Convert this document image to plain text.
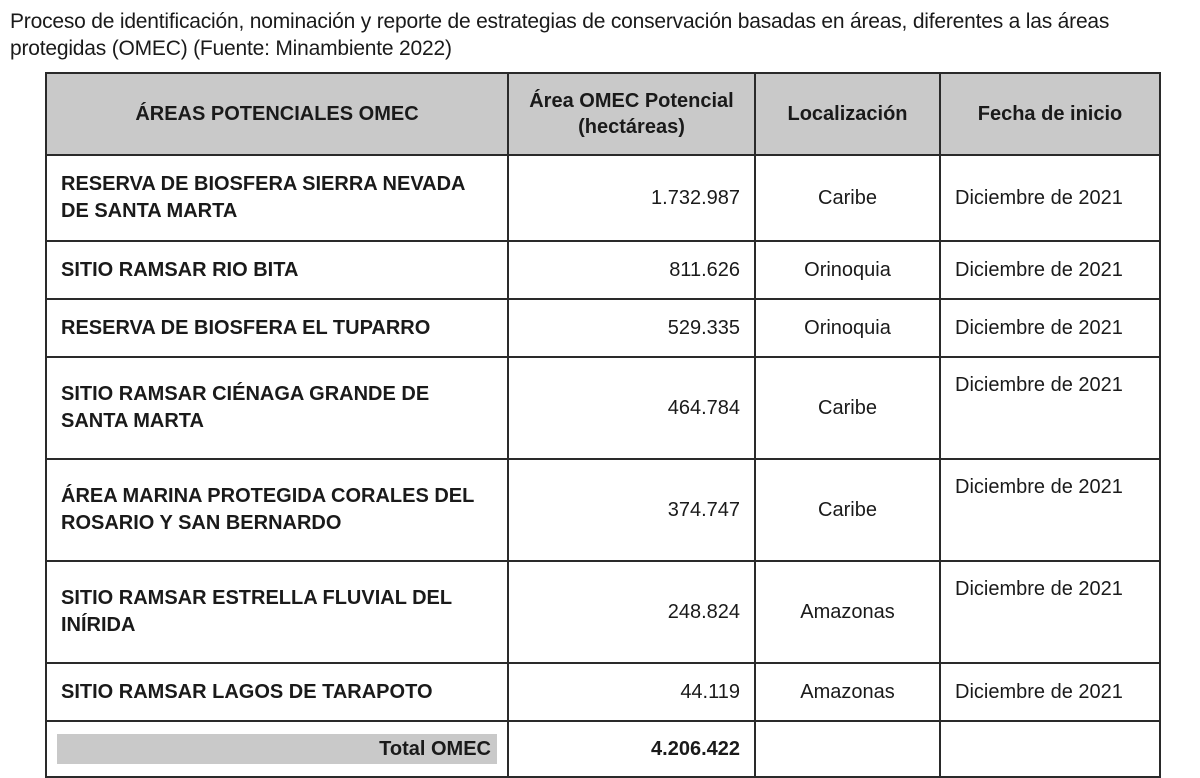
Proceso de identificación, nominación y reporte de estrategias de conservación basadas en áreas, diferentes a las áreas protegidas (OMEC) (Fuente: Minambiente 2022)
ÁREAS POTENCIALES OMEC	Área OMEC Potencial (hectáreas)	Localización	Fecha de inicio
RESERVA DE BIOSFERA SIERRA NEVADA DE SANTA MARTA	1.732.987	Caribe	Diciembre de 2021
SITIO RAMSAR RIO BITA	811.626	Orinoquia	Diciembre de 2021
RESERVA DE BIOSFERA EL TUPARRO	529.335	Orinoquia	Diciembre de 2021
SITIO RAMSAR CIÉNAGA GRANDE DE SANTA MARTA	464.784	Caribe	Diciembre de 2021
ÁREA MARINA PROTEGIDA CORALES DEL ROSARIO Y SAN BERNARDO	374.747	Caribe	Diciembre de 2021
SITIO RAMSAR ESTRELLA FLUVIAL DEL INÍRIDA	248.824	Amazonas	Diciembre de 2021
SITIO RAMSAR LAGOS DE TARAPOTO	44.119	Amazonas	Diciembre de 2021

Total OMEC	4.206.422		
